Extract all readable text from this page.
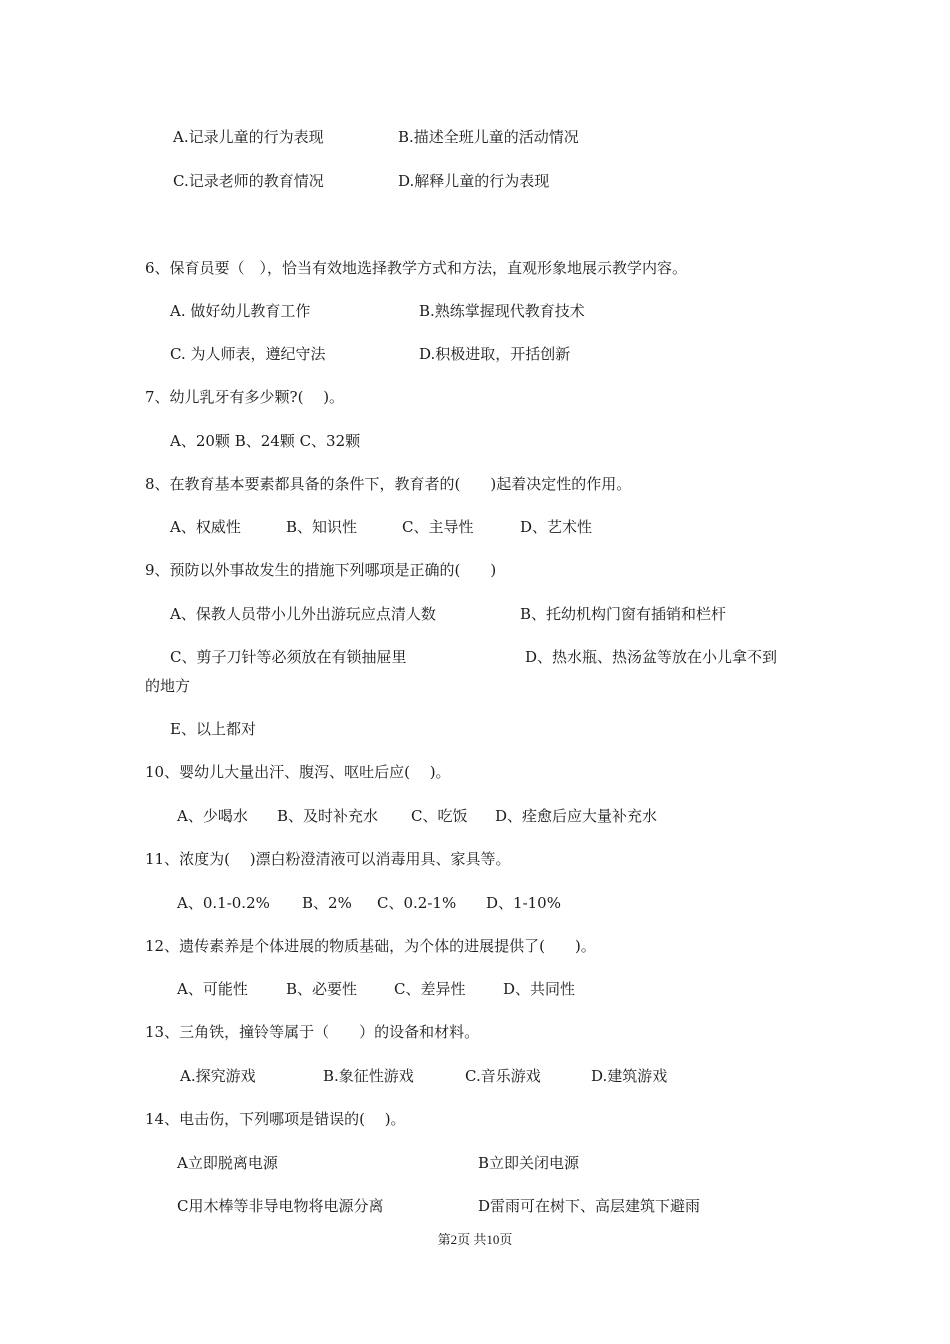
A.记录儿童的行为表现	B.描述全班儿童的活动情况
C.记录老师的教育情况	D.解释儿童的行为表现
6、保育员要（　），恰当有效地选择教学方式和方法，直观形象地展示教学内容。
A. 做好幼儿教育工作	B.熟练掌握现代教育技术
C. 为人师表，遵纪守法	D.积极进取，开括创新
7、幼儿乳牙有多少颗?(　 )。
A、20颗 B、24颗 C、32颗
8、在教育基本要素都具备的条件下，教育者的(　　)起着决定性的作用。
A、权威性	B、知识性	C、主导性	D、艺术性
9、预防以外事故发生的措施下列哪项是正确的(　　)
A、保教人员带小儿外出游玩应点清人数	B、托幼机构门窗有插销和栏杆
C、剪子刀针等必须放在有锁抽屉里	D、热水瓶、热汤盆等放在小儿拿不到
的地方
E、以上都对
10、婴幼儿大量出汗、腹泻、呕吐后应(　 )。
A、少喝水 B、及时补充水 C、吃饭 D、痊愈后应大量补充水
11、浓度为(　 )漂白粉澄清液可以消毒用具、家具等。
A、0.1-0.2% B、2% C、0.2-1% D、1-10%
12、遗传素养是个体进展的物质基础，为个体的进展提供了(　　)。
A、可能性	B、必要性 C、差异性	D、共同性
13、三角铁，撞铃等属于（　　）的设备和材料。
A.探究游戏	B.象征性游戏	C.音乐游戏	D.建筑游戏
14、电击伤，下列哪项是错误的(　 )。
A立即脱离电源	B立即关闭电源
C用木棒等非导电物将电源分离	D雷雨可在树下、高层建筑下避雨
第2页 共10页
